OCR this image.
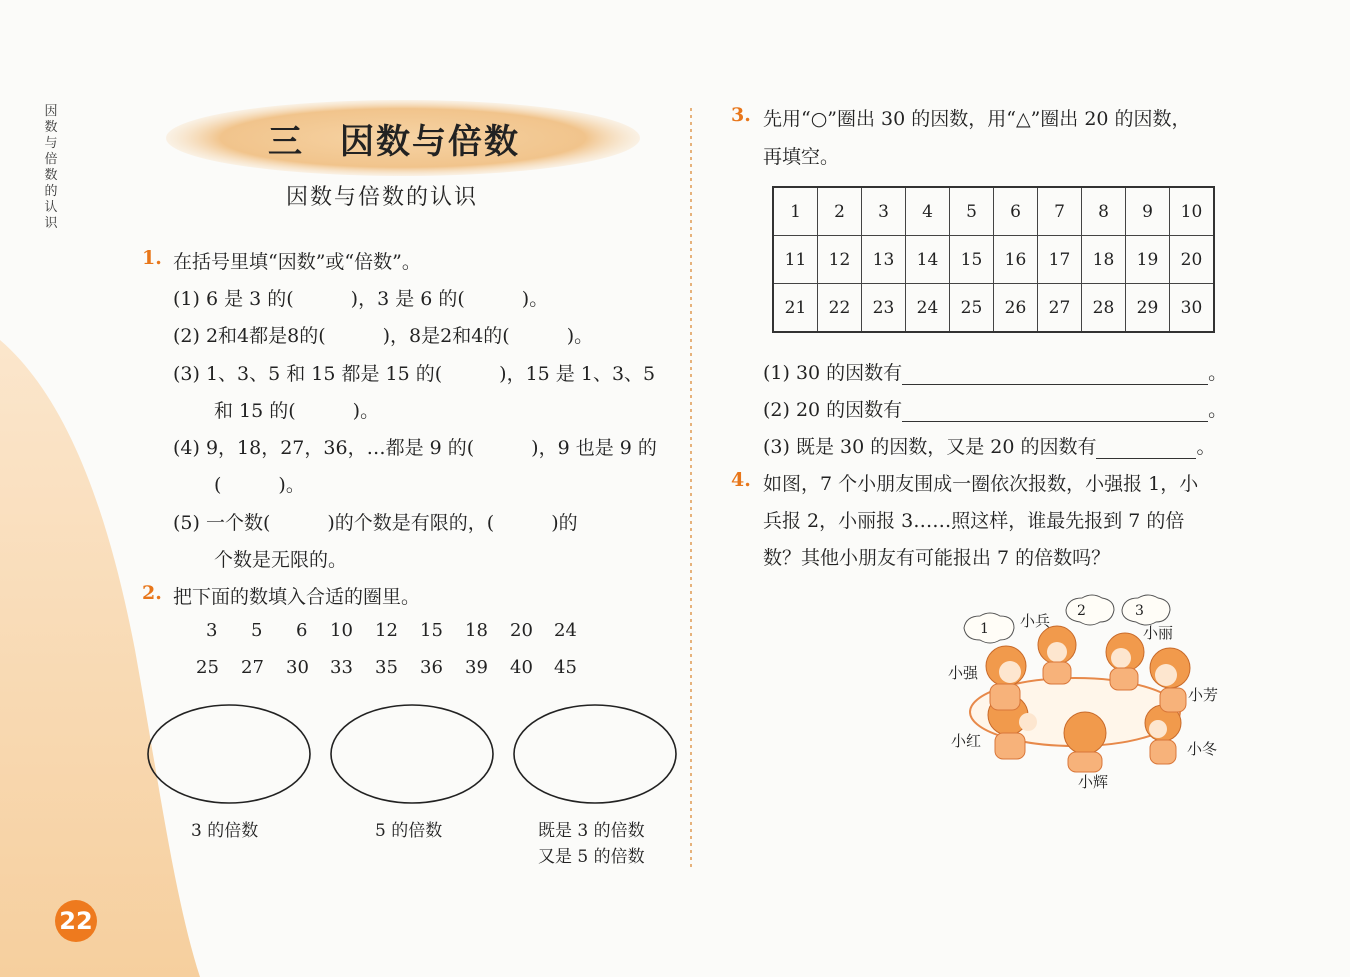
因数与倍数的认识
三　因数与倍数
因数与倍数的认识
1. 在括号里填“因数”或“倍数”。
(1) 6 是 3 的(　　　)，3 是 6 的(　　　)。
(2) 2和4都是8的(　　　)，8是2和4的(　　　)。
(3) 1、3、5 和 15 都是 15 的(　　　)，15 是 1、3、5
和 15 的(　　　)。
(4) 9，18，27，36，…都是 9 的(　　　)，9 也是 9 的
(　　　)。
(5) 一个数(　　　)的个数是有限的，(　　　)的
个数是无限的。
2. 把下面的数填入合适的圈里。
3 5 6 10 12 15 18 20 24
25 27 30 33 35 36 39 40 45
3 的倍数	5 的倍数	既是 3 的倍数
又是 5 的倍数
22
3. 先用“○”圈出 30 的因数，用“△”圈出 20 的因数，
再填空。
1	2	3	4	5	6	7	8	9	10
11	12	13	14	15	16	17	18	19	20
21	22	23	24	25	26	27	28	29	30
(1) 30 的因数有	。
(2) 20 的因数有	。
(3) 既是 30 的因数，又是 20 的因数有	。
4. 如图，7 个小朋友围成一圈依次报数，小强报 1，小
兵报 2，小丽报 3……照这样，谁最先报到 7 的倍
数？其他小朋友有可能报出 7 的倍数吗？
1
2	3
小兵
小丽
小强
小芳
小红	小冬
小辉
